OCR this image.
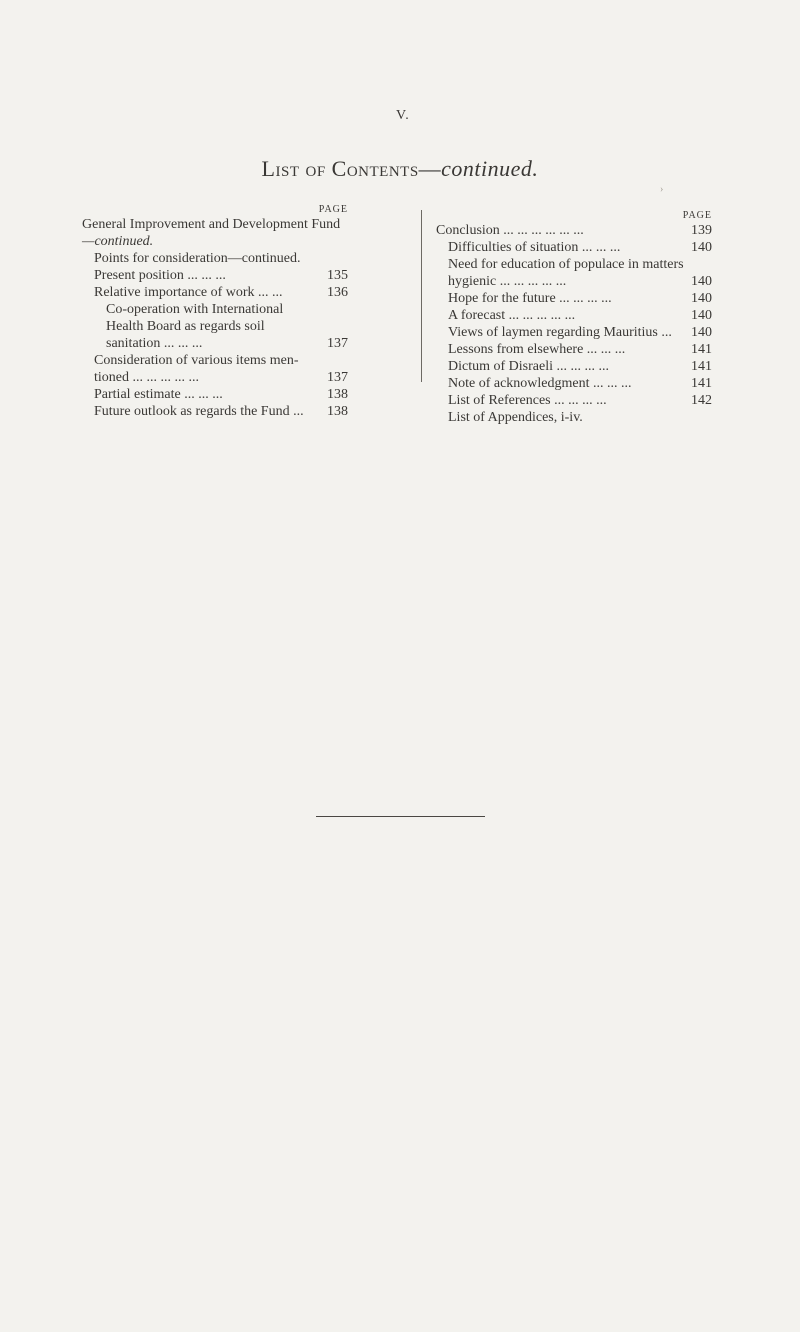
V.
List of Contents—continued.
›
PAGE
General Improvement and Development Fund
—continued.
Points for consideration—continued.
Present position ... ... ...	135
Relative importance of work ... ...	136
Co-operation with International
Health Board as regards soil
sanitation ... ... ...	137
Consideration of various items men-
tioned ... ... ... ... ...	137
Partial estimate ... ... ...	138
Future outlook as regards the Fund ...	138
PAGE
Conclusion ... ... ... ... ... ...	139
Difficulties of situation ... ... ...	140
Need for education of populace in matters
hygienic ... ... ... ... ...	140
Hope for the future ... ... ... ...	140
A forecast ... ... ... ... ...	140
Views of laymen regarding Mauritius ...	140
Lessons from elsewhere ... ... ...	141
Dictum of Disraeli ... ... ... ...	141
Note of acknowledgment ... ... ...	141
List of References ... ... ... ...	142
List of Appendices, i-iv.
